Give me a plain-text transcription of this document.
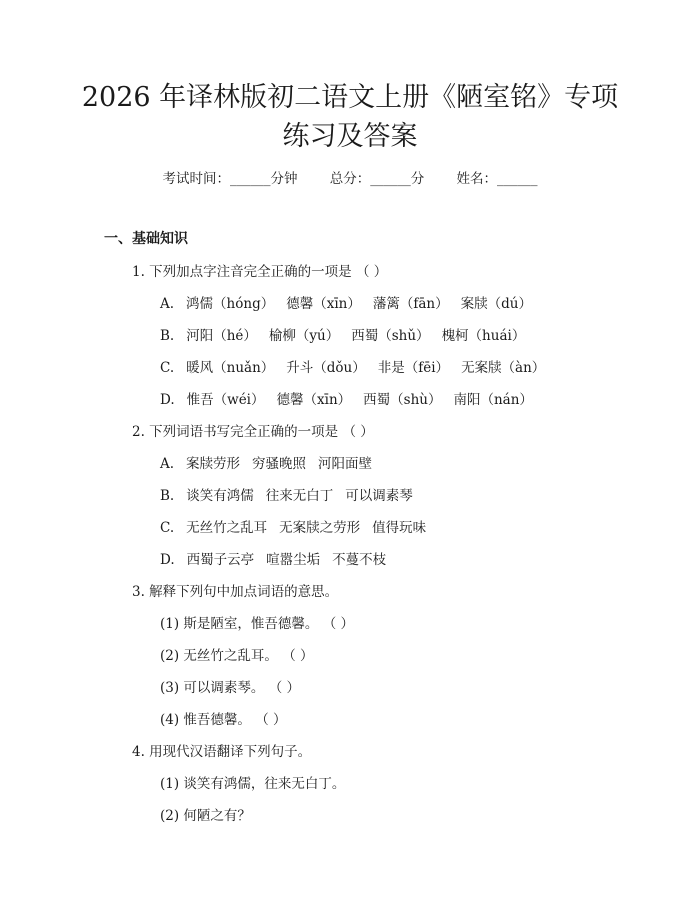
2026 年译林版初二语文上册《陋室铭》专项
练习及答案
考试时间：______分钟 总分：______分 姓名：______
一、基础知识
1. 下列加点字注音完全正确的一项是 （ ）
A. 鸿儒（hóng） 德馨（xīn） 藩篱（fān） 案牍（dú）
B. 河阳（hé） 榆柳（yú） 西蜀（shǔ） 槐柯（huái）
C. 暖风（nuǎn） 升斗（dǒu） 非是（fēi） 无案牍（àn）
D. 惟吾（wéi） 德馨（xīn） 西蜀（shù） 南阳（nán）
2. 下列词语书写完全正确的一项是 （ ）
A. 案牍劳形 穷骚晚照 河阳面壁
B. 谈笑有鸿儒 往来无白丁 可以调素琴
C. 无丝竹之乱耳 无案牍之劳形 值得玩味
D. 西蜀子云亭 喧嚣尘垢 不蔓不枝
3. 解释下列句中加点词语的意思。
(1) 斯是陋室，惟吾德馨。 （ ）
(2) 无丝竹之乱耳。 （ ）
(3) 可以调素琴。 （ ）
(4) 惟吾德馨。 （ ）
4. 用现代汉语翻译下列句子。
(1) 谈笑有鸿儒，往来无白丁。
(2) 何陋之有？
